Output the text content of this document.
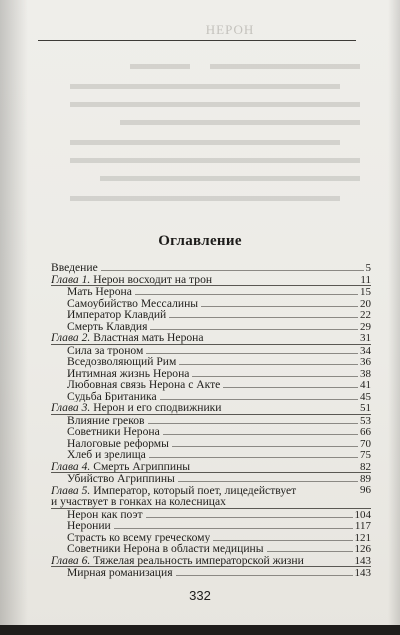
НЕРОН
Оглавление
Введение	5
Глава 1. Нерон восходит на трон	11
Мать Нерона	15
Самоубийство Мессалины	20
Император Клавдий	22
Смерть Клавдия	29
Глава 2. Властная мать Нерона	31
Сила за троном	34
Вседозволяющий Рим	36
Интимная жизнь Нерона	38
Любовная связь Нерона с Акте	41
Судьба Британика	45
Глава 3. Нерон и его сподвижники	51
Влияние греков	53
Советники Нерона	66
Налоговые реформы	70
Хлеб и зрелища	75
Глава 4. Смерть Агриппины	82
Убийство Агриппины	89
Глава 5. Император, который поет, лицедействует
и участвует в гонках на колесницах
96
Нерон как поэт	104
Неронии	117
Страсть ко всему греческому	121
Советники Нерона в области медицины	126
Глава 6. Тяжелая реальность императорской жизни	143
Мирная романизация	143
332
